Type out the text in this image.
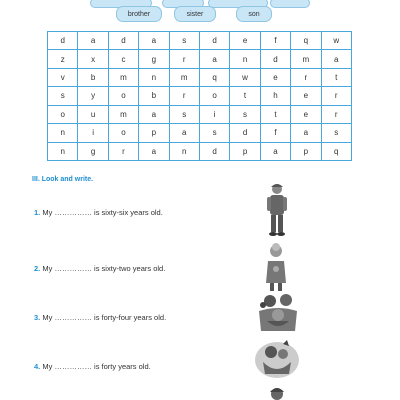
brother	sister	son
d	a	d	a	s	d	e	f	q	w
z	x	c	g	r	a	n	d	m	a
v	b	m	n	m	q	w	e	r	t
s	y	o	b	r	o	t	h	e	r
o	u	m	a	s	i	s	t	e	r
n	i	o	p	a	s	d	f	a	s
n	g	r	a	n	d	p	a	p	q
III. Look and write.
1. My …………… is sixty-six years old.
2. My …………… is sixty-two years old.
3. My …………… is forty-four years old.
4. My …………… is forty years old.
